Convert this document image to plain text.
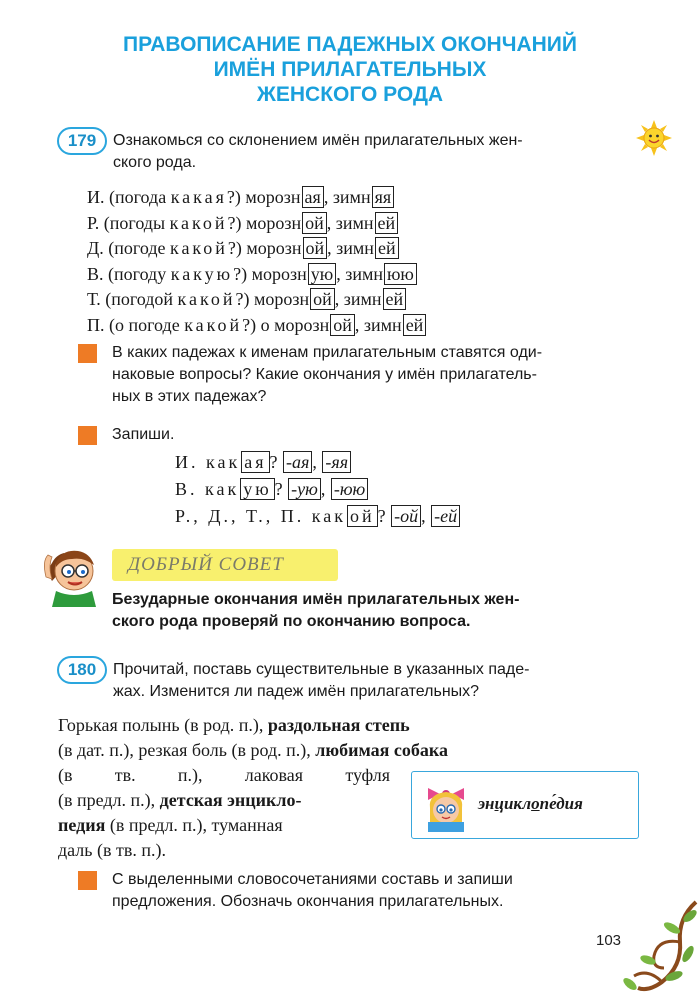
ПРАВОПИСАНИЕ ПАДЕЖНЫХ ОКОНЧАНИЙ
ИМЁН ПРИЛАГАТЕЛЬНЫХ
ЖЕНСКОГО РОДА
179	Ознакомься со склонением имён прилагательных жен-
ского рода.
И. (погода какая?) морозн ая , зимн яя
Р. (погоды какой?) морозн ой , зимн ей
Д. (погоде какой?) морозн ой , зимн ей
В. (погоду какую?) морозн ую , зимн юю
Т. (погодой какой?) морозн ой , зимн ей
П. (о погоде какой?) о морозн ой , зимн ей
В каких падежах к именам прилагательным ставятся оди-
наковые вопросы? Какие окончания у имён прилагатель-
ных в этих падежах?
Запиши.
И. как ая ? -ая , -яя
В. как ую ? -ую , -юю
Р., Д., Т., П. как ой ? -ой , -ей
ДОБРЫЙ СОВЕТ
Безударные окончания имён прилагательных жен-
ского рода проверяй по окончанию вопроса.
180	Прочитай, поставь существительные в указанных паде-
жах. Изменится ли падеж имён прилагательных?
Горькая полынь (в род. п.), раздольная степь
(в дат. п.), резкая боль (в род. п.), любимая собака
(в тв. п.), лаковая туфля
(в предл. п.), детская энцикло-
педия (в предл. п.), туманная
даль (в тв. п.).
энциклопе́дия
С выделенными словосочетаниями составь и запиши
предложения. Обозначь окончания прилагательных.
103
